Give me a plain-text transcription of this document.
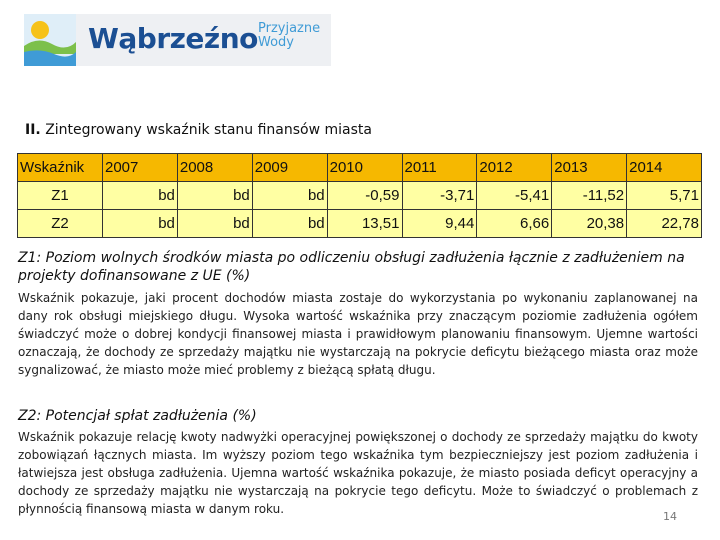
Wąbrzeźno Przyjazne
Wody
II. Zintegrowany wskaźnik stanu finansów miasta
Wskaźnik	2007	2008	2009	2010	2011	2012	2013	2014
Z1	bd	bd	bd	-0,59	-3,71	-5,41	-11,52	5,71
Z2	bd	bd	bd	13,51	9,44	6,66	20,38	22,78
Z1: Poziom wolnych środków miasta po odliczeniu obsługi zadłużenia łącznie z zadłużeniem na projekty dofinansowane z UE (%)

Wskaźnik pokazuje, jaki procent dochodów miasta zostaje do wykorzystania po wykonaniu zaplanowanej na dany rok obsługi miejskiego długu. Wysoka wartość wskaźnika przy znaczącym poziomie zadłużenia ogółem świadczyć może o dobrej kondycji finansowej miasta i prawidłowym planowaniu finansowym. Ujemne wartości oznaczają, że dochody ze sprzedaży majątku nie wystarczają na pokrycie deficytu bieżącego miasta oraz może sygnalizować, że miasto może mieć problemy z bieżącą spłatą długu.

Z2: Potencjał spłat zadłużenia (%)

Wskaźnik pokazuje relację kwoty nadwyżki operacyjnej powiększonej o dochody ze sprzedaży majątku do kwoty zobowiązań łącznych miasta. Im wyższy poziom tego wskaźnika tym bezpieczniejszy jest poziom zadłużenia i łatwiejsza jest obsługa zadłużenia. Ujemna wartość wskaźnika pokazuje, że miasto posiada deficyt operacyjny a dochody ze sprzedaży majątku nie wystarczają na pokrycie tego deficytu. Może to świadczyć o problemach z płynnością finansową miasta w danym roku.

14
